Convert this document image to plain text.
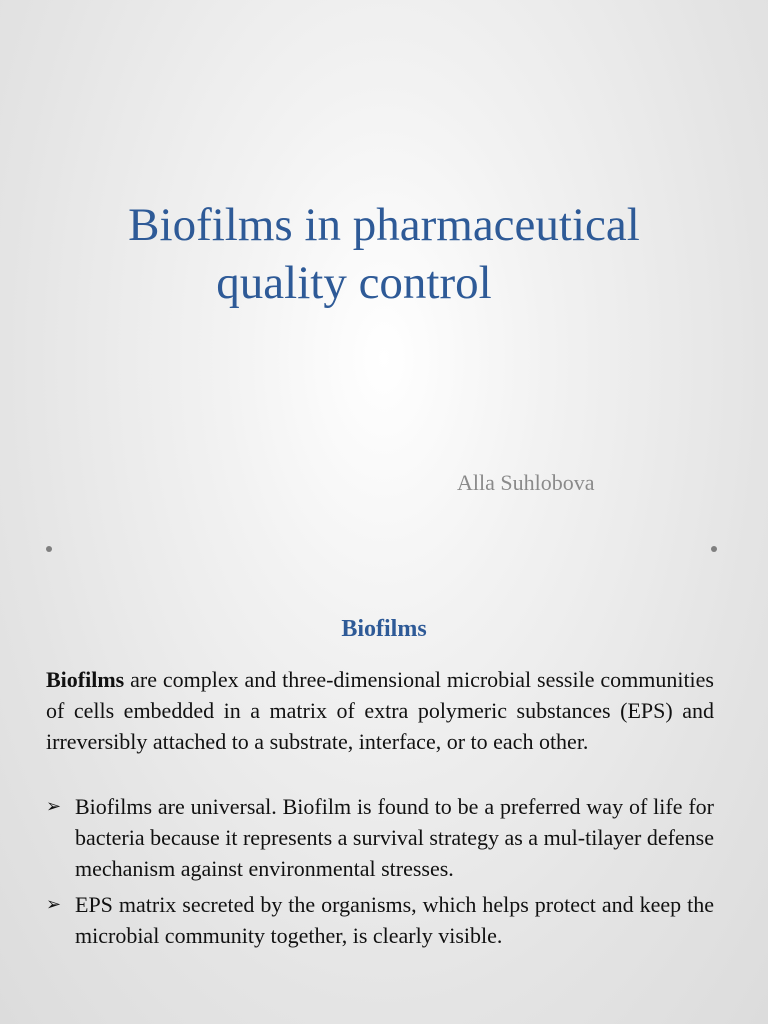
Biofilms in pharmaceutical
quality control
Alla Suhlobova
Biofilms
Biofilms are complex and three-dimensional microbial sessile communities of cells embedded in a matrix of extra polymeric substances (EPS) and irreversibly attached to a substrate, interface, or to each other.
➢ Biofilms are universal. Biofilm is found to be a preferred way of life for bacteria because it represents a survival strategy as a mul-tilayer defense mechanism against environmental stresses.
➢ EPS matrix secreted by the organisms, which helps protect and keep the microbial community together, is clearly visible.
